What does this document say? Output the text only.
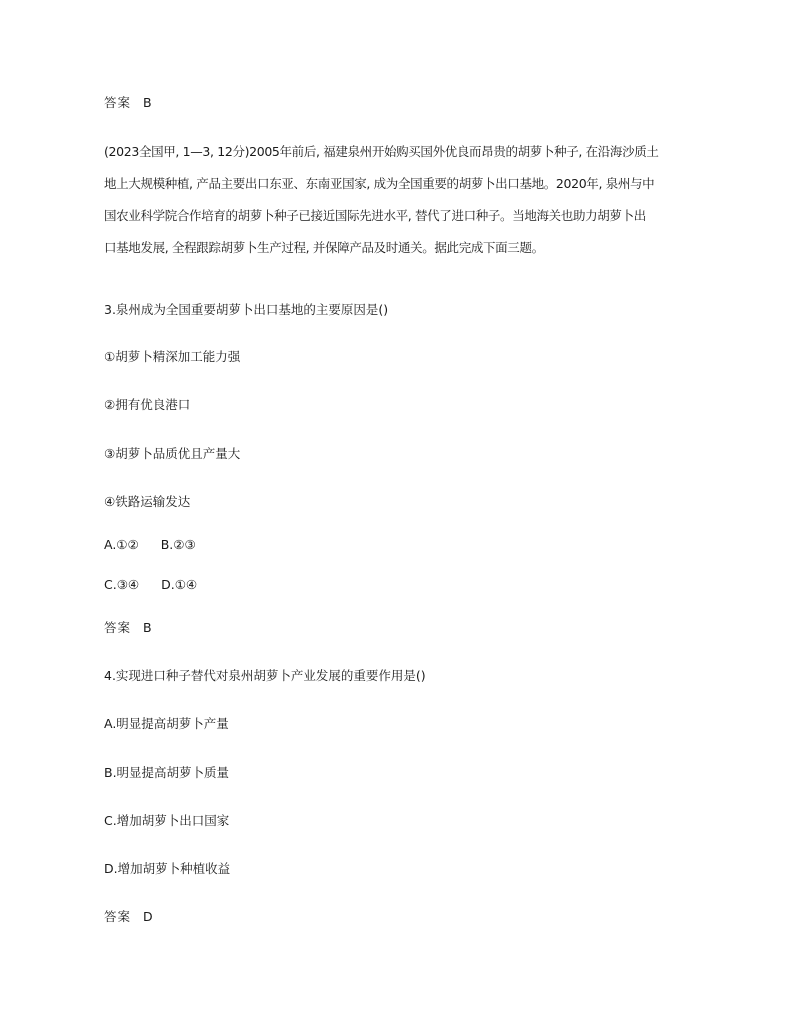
答案 B
(2023全国甲, 1—3, 12分)2005年前后, 福建泉州开始购买国外优良而昂贵的胡萝卜种子, 在沿海沙质土
地上大规模种植, 产品主要出口东亚、东南亚国家, 成为全国重要的胡萝卜出口基地。2020年, 泉州与中
国农业科学院合作培育的胡萝卜种子已接近国际先进水平, 替代了进口种子。当地海关也助力胡萝卜出
口基地发展, 全程跟踪胡萝卜生产过程, 并保障产品及时通关。据此完成下面三题。
3.泉州成为全国重要胡萝卜出口基地的主要原因是()
①胡萝卜精深加工能力强
②拥有优良港口
③胡萝卜品质优且产量大
④铁路运输发达
A.①② B.②③
C.③④ D.①④
答案 B
4.实现进口种子替代对泉州胡萝卜产业发展的重要作用是()
A.明显提高胡萝卜产量
B.明显提高胡萝卜质量
C.增加胡萝卜出口国家
D.增加胡萝卜种植收益
答案 D
